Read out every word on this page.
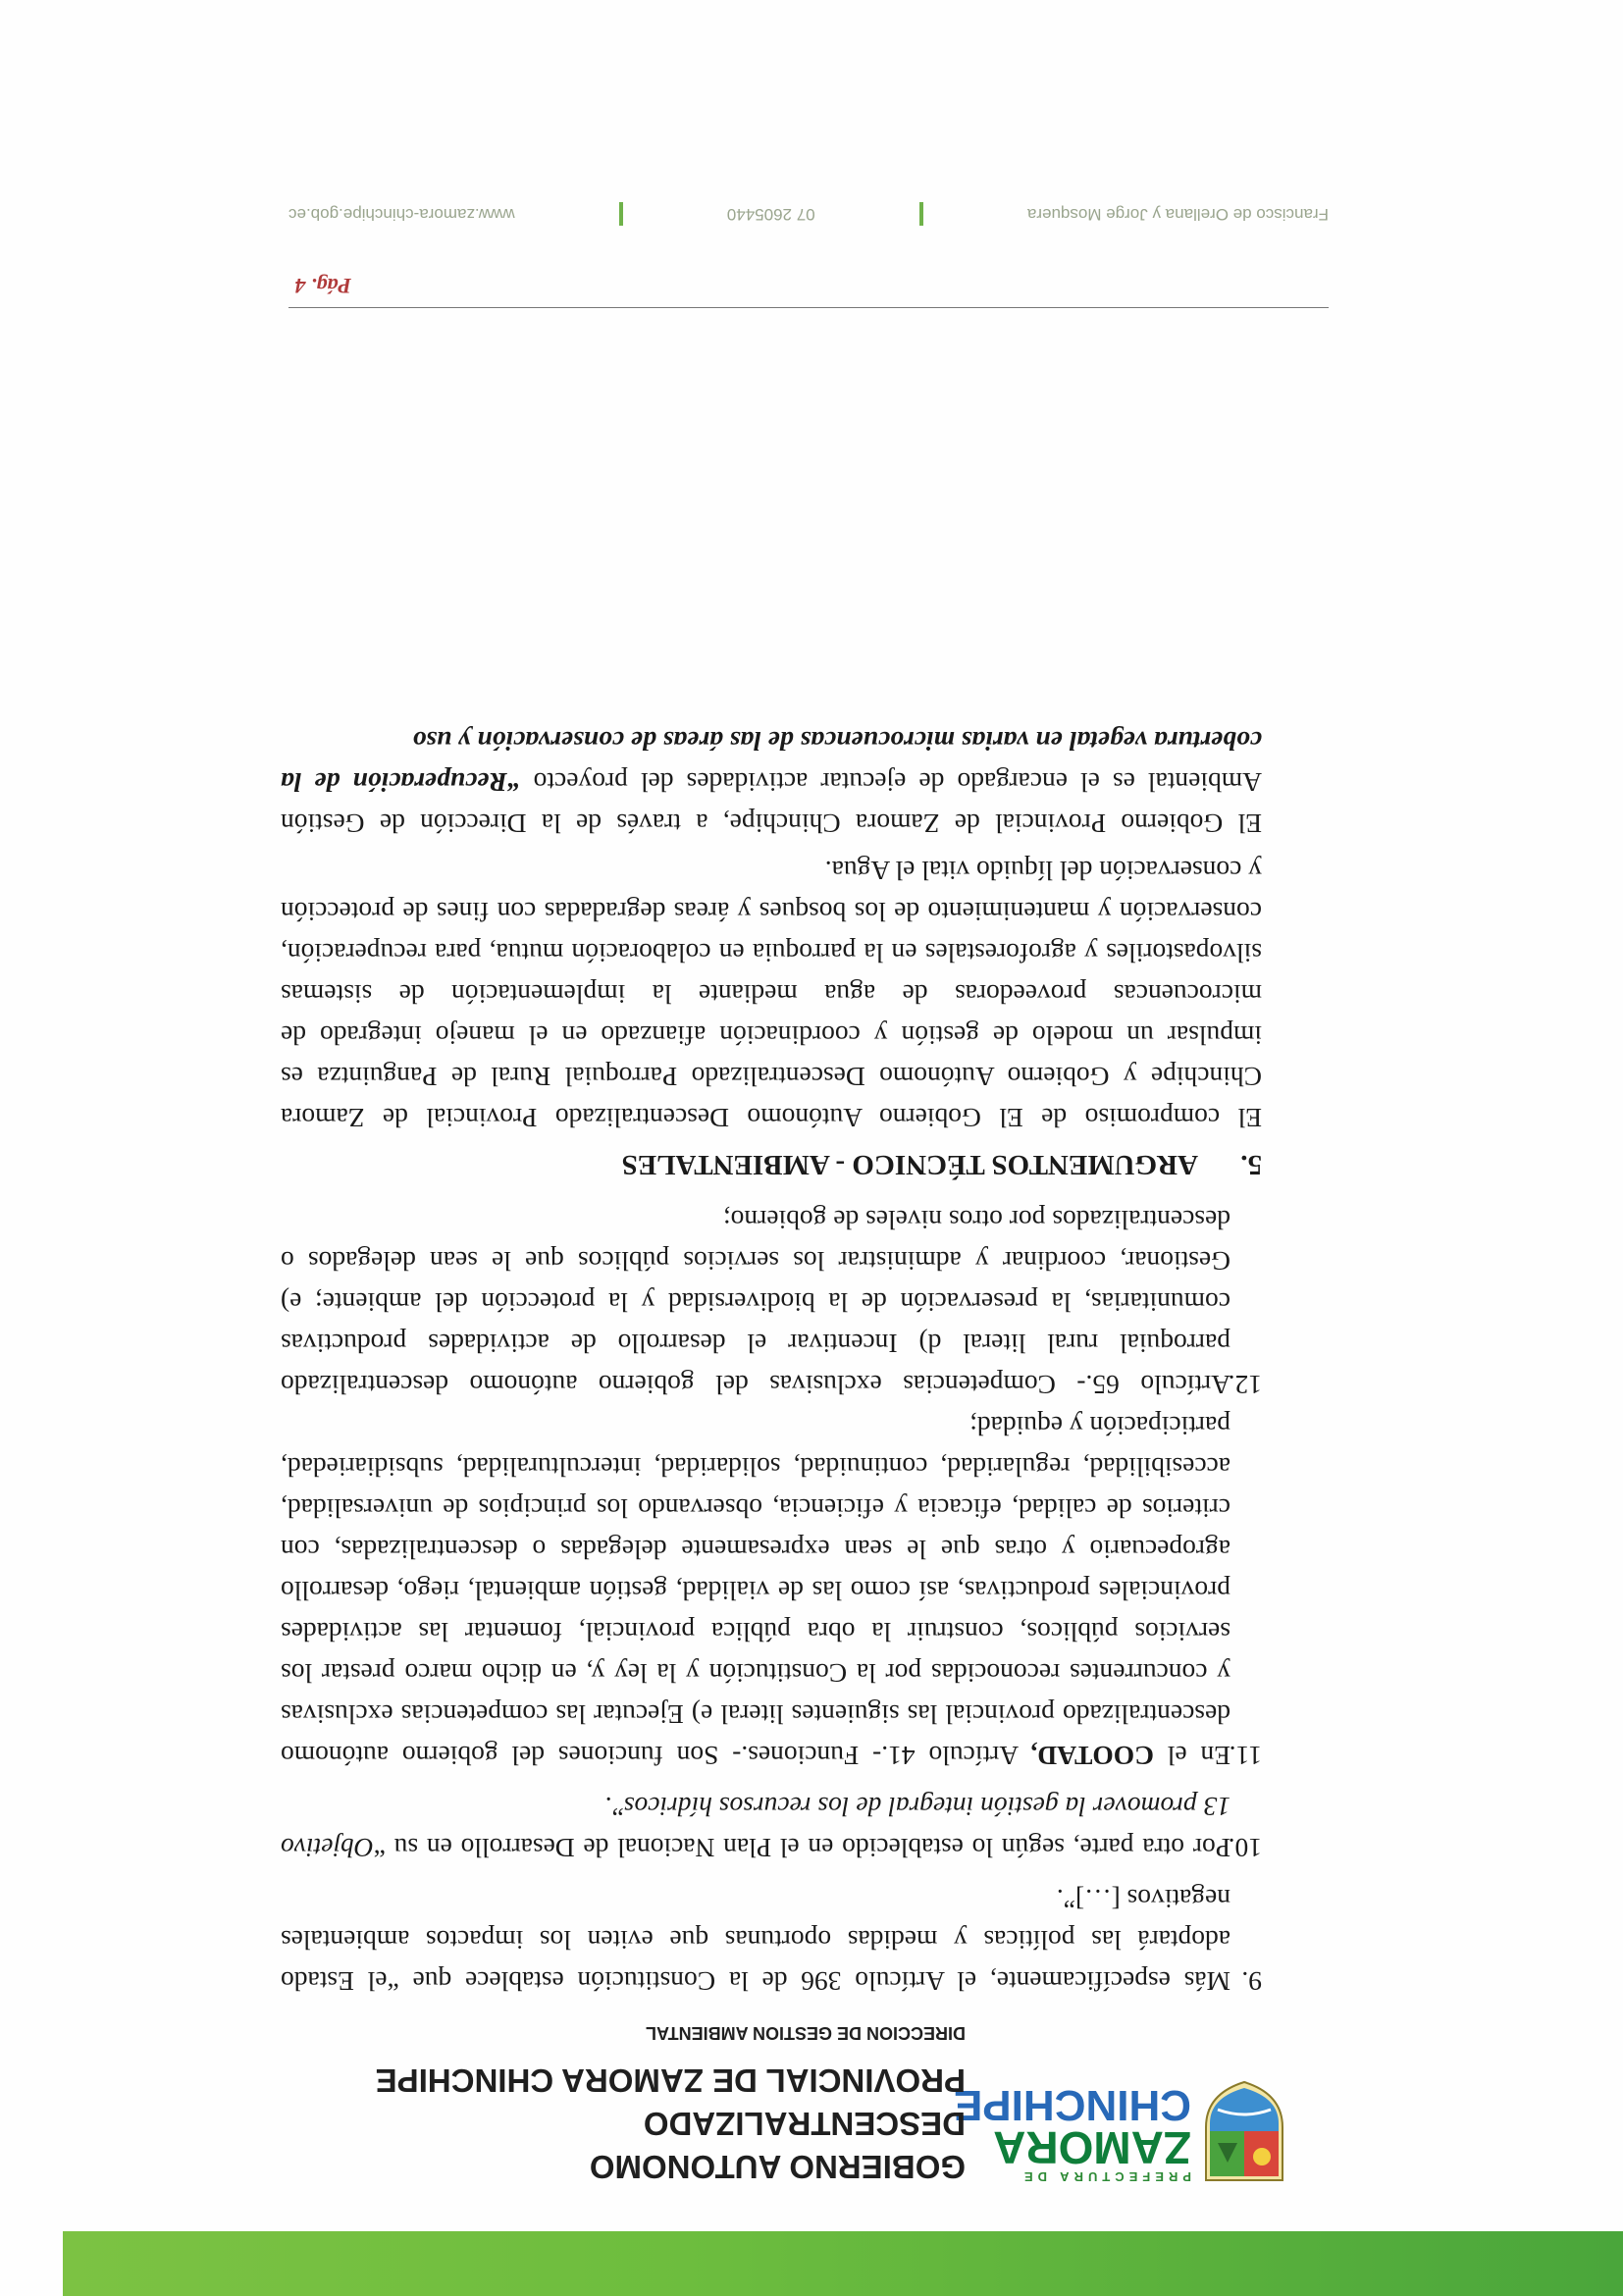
PREFECTURA DE
ZAMORA
CHINCHIPE
GOBIERNO AUTONOMO DESCENTRALIZADO
PROVINCIAL DE ZAMORA CHINCHIPE
DIRECCION DE GESTION AMBIENTAL
9.
Más específicamente, el Artículo 396 de la Constitución establece que “el Estado adoptará las políticas y medidas oportunas que eviten los impactos ambientales negativos […]”.
10.
Por otra parte, según lo establecido en el Plan Nacional de Desarrollo en su “Objetivo 13 promover la gestión integral de los recursos hídricos”.
11.
En el COOTAD, Artículo 41.- Funciones.- Son funciones del gobierno autónomo descentralizado provincial las siguientes literal e) Ejecutar las competencias exclusivas y concurrentes reconocidas por la Constitución y la ley y, en dicho marco prestar los servicios públicos, construir la obra pública provincial, fomentar las actividades provinciales productivas, así como las de vialidad, gestión ambiental, riego, desarrollo agropecuario y otras que le sean expresamente delegadas o descentralizadas, con criterios de calidad, eficacia y eficiencia, observando los principios de universalidad, accesibilidad, regularidad, continuidad, solidaridad, interculturalidad, subsidiariedad, participación y equidad;
12.
Artículo 65.- Competencias exclusivas del gobierno autónomo descentralizado parroquial rural literal d) Incentivar el desarrollo de actividades productivas comunitarias, la preservación de la biodiversidad y la protección del ambiente; e) Gestionar, coordinar y administrar los servicios públicos que le sean delegados o descentralizados por otros niveles de gobierno;
5.
ARGUMENTOS TÉCNICO - AMBIENTALES
El compromiso de El Gobierno Autónomo Descentralizado Provincial de Zamora Chinchipe y Gobierno Autónomo Descentralizado Parroquial Rural de Panguintza es impulsar un modelo de gestión y coordinación afianzado en el manejo integrado de microcuencas proveedoras de agua mediante la implementación de sistemas silvopastoriles y agroforestales en la parroquia en colaboración mutua, para recuperación, conservación y mantenimiento de los bosques y áreas degradadas con fines de protección y conservación del líquido vital el Agua.
El Gobierno Provincial de Zamora Chinchipe, a través de la Dirección de Gestión Ambiental es el encargado de ejecutar actividades del proyecto “Recuperación de la cobertura vegetal en varias microcuencas de las áreas de conservación y uso
Pág. 4
Francisco de Orellana y Jorge Mosquera
07 2605440
www.zamora-chinchipe.gob.ec
